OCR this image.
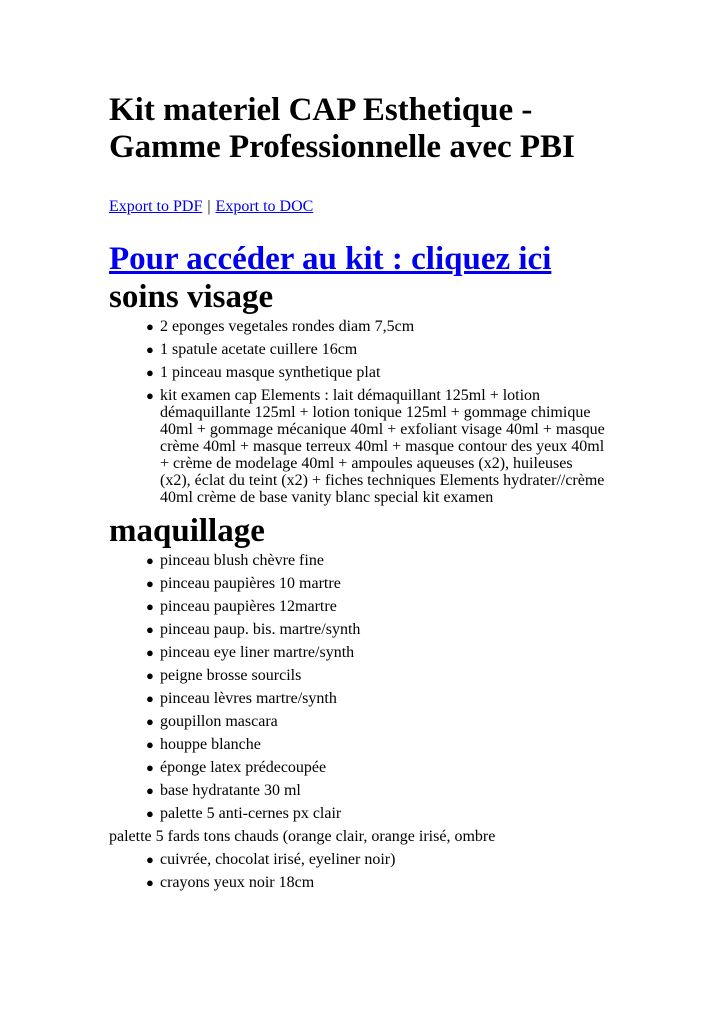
Kit materiel CAP Esthetique - Gamme Professionnelle avec PBI
Export to PDF | Export to DOC
Pour accéder au kit : cliquez ici
soins visage
● 2 eponges vegetales rondes diam 7,5cm
● 1 spatule acetate cuillere 16cm
● 1 pinceau masque synthetique plat
● kit examen cap Elements : lait démaquillant 125ml + lotion démaquillante 125ml + lotion tonique 125ml + gommage chimique 40ml + gommage mécanique 40ml + exfoliant visage 40ml + masque crème 40ml + masque terreux 40ml + masque contour des yeux 40ml + crème de modelage 40ml + ampoules aqueuses (x2), huileuses (x2), éclat du teint (x2) + fiches techniques Elements hydrater//crème 40ml crème de base vanity blanc special kit examen
maquillage
● pinceau blush chèvre fine
● pinceau paupières 10 martre
● pinceau paupières 12martre
● pinceau paup. bis. martre/synth
● pinceau eye liner martre/synth
● peigne brosse sourcils
● pinceau lèvres martre/synth
● goupillon mascara
● houppe blanche
● éponge latex prédecoupée
● base hydratante 30 ml
● palette 5 anti-cernes px clair

palette 5 fards tons chauds (orange clair, orange irisé, ombre

● cuivrée, chocolat irisé, eyeliner noir)
● crayons yeux noir 18cm
